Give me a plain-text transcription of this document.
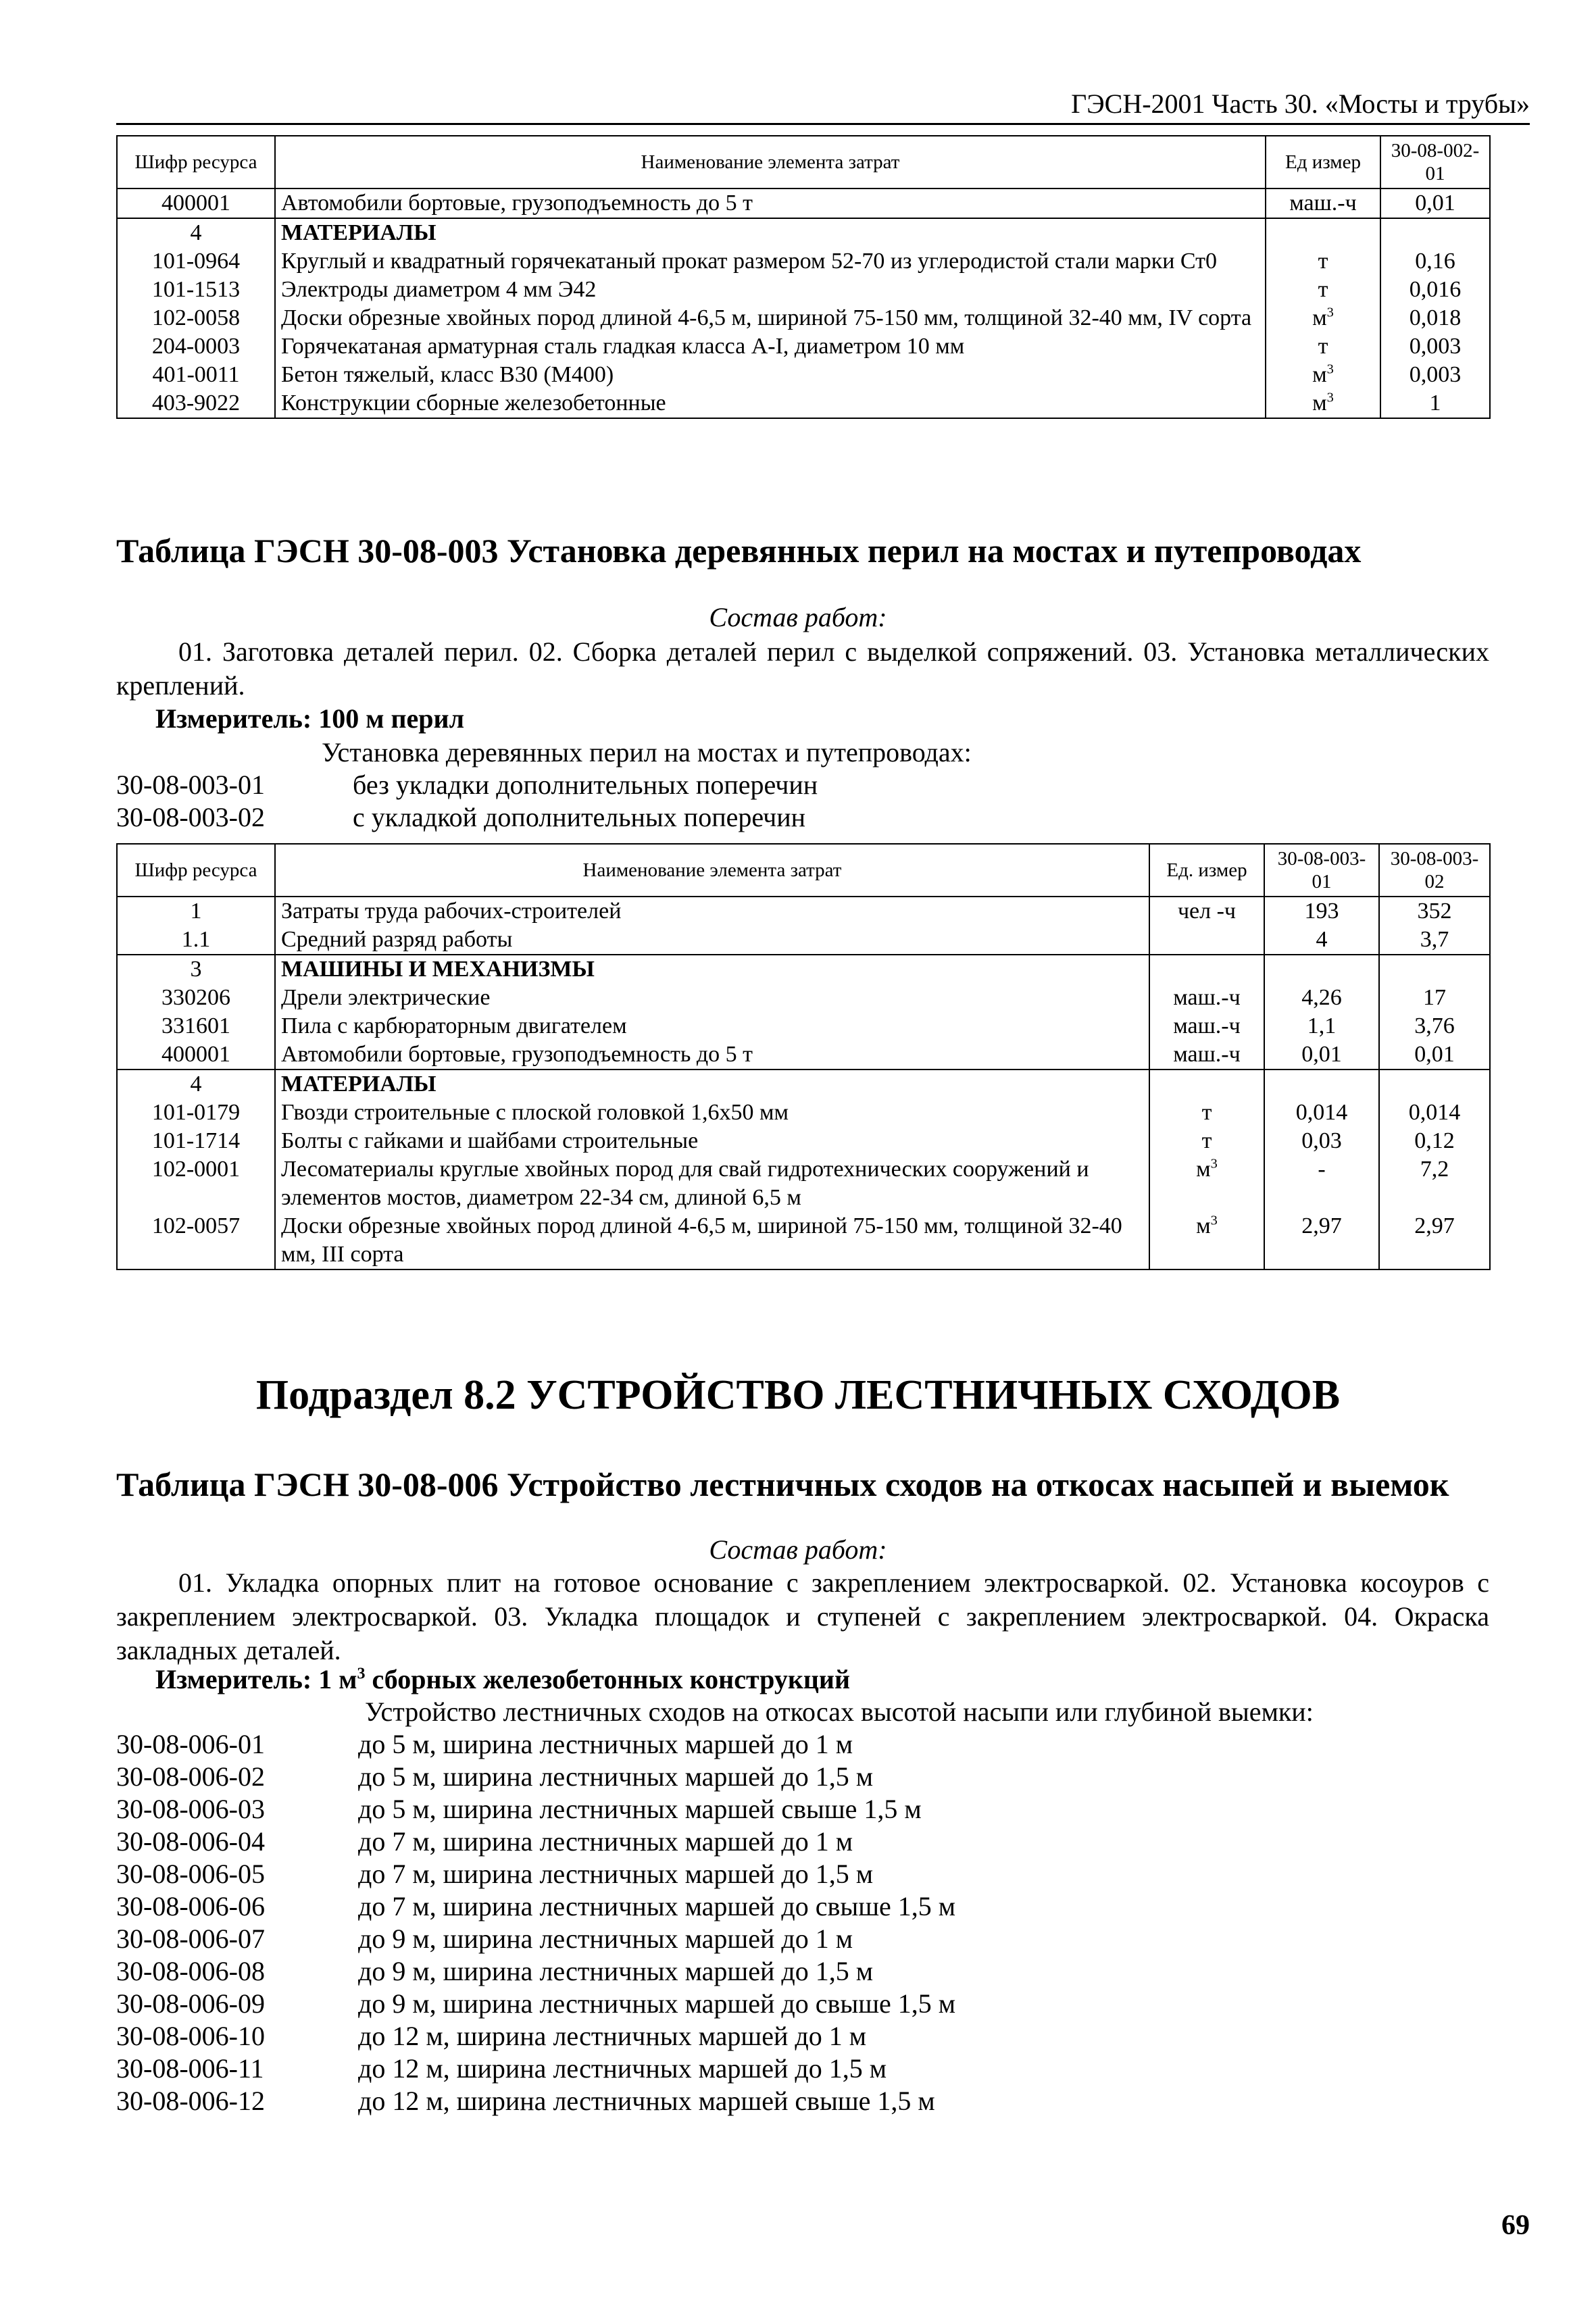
ГЭСН-2001 Часть 30. «Мосты и трубы»
Шифр ресурса	Наименование элемента затрат	Ед измер	30-08-002-01
400001	Автомобили бортовые, грузоподъемность до 5 т	маш.-ч	0,01
4	МАТЕРИАЛЫ		
101-0964	Круглый и квадратный горячекатаный прокат размером 52-70 из углеродистой стали марки Ст0	т	0,16
101-1513	Электроды диаметром 4 мм Э42	т	0,016
102-0058	Доски обрезные хвойных пород длиной 4-6,5 м, шириной 75-150 мм, толщиной 32-40 мм, IV сорта	$м^3$	0,018
204-0003	Горячекатаная арматурная сталь гладкая класса А-I, диаметром 10 мм	т	0,003
401-0011	Бетон тяжелый, класс В30 (М400)	$м^3$	0,003
403-9022	Конструкции сборные железобетонные	$м^3$	1
Таблица ГЭСН 30-08-003 Установка деревянных перил на мостах и путепроводах
Состав работ:
01. Заготовка деталей перил. 02. Сборка деталей перил с выделкой сопряжений. 03. Установка металлических креплений.
Измеритель: 100 м перил
Установка деревянных перил на мостах и путепроводах:
30-08-003-01	без укладки дополнительных поперечин
30-08-003-02	с укладкой дополнительных поперечин
Шифр ресурса	Наименование элемента затрат	Ед. измер	30-08-003-01	30-08-003-02
1	Затраты труда рабочих-строителей	чел -ч	193	352
1.1	Средний разряд работы		4	3,7
3	МАШИНЫ И МЕХАНИЗМЫ			
330206	Дрели электрические	маш.-ч	4,26	17
331601	Пила с карбюраторным двигателем	маш.-ч	1,1	3,76
400001	Автомобили бортовые, грузоподъемность до 5 т	маш.-ч	0,01	0,01
4	МАТЕРИАЛЫ			
101-0179	Гвозди строительные с плоской головкой 1,6х50 мм	т	0,014	0,014
101-1714	Болты с гайками и шайбами строительные	т	0,03	0,12
102-0001	Лесоматериалы круглые хвойных пород для свай гидротехнических сооружений и элементов мостов, диаметром 22-34 см, длиной 6,5 м	$м^3$	-	7,2
102-0057	Доски обрезные хвойных пород длиной 4-6,5 м, шириной 75-150 мм, толщиной 32-40 мм, III сорта	$м^3$	2,97	2,97
Подраздел 8.2 УСТРОЙСТВО ЛЕСТНИЧНЫХ СХОДОВ
Таблица ГЭСН 30-08-006 Устройство лестничных сходов на откосах насыпей и выемок
Состав работ:
01. Укладка опорных плит на готовое основание с закреплением электросваркой. 02. Установка косоуров с закреплением электросваркой. 03. Укладка площадок и ступеней с закреплением электросваркой. 04. Окраска закладных деталей.
Измеритель: 1 $м^3$ сборных железобетонных конструкций
Устройство лестничных сходов на откосах высотой насыпи или глубиной выемки:
30-08-006-01	до 5 м, ширина лестничных маршей до 1 м
30-08-006-02	до 5 м, ширина лестничных маршей до 1,5 м
30-08-006-03	до 5 м, ширина лестничных маршей свыше 1,5 м
30-08-006-04	до 7 м, ширина лестничных маршей до 1 м
30-08-006-05	до 7 м, ширина лестничных маршей до 1,5 м
30-08-006-06	до 7 м, ширина лестничных маршей до свыше 1,5 м
30-08-006-07	до 9 м, ширина лестничных маршей до 1 м
30-08-006-08	до 9 м, ширина лестничных маршей до 1,5 м
30-08-006-09	до 9 м, ширина лестничных маршей до свыше 1,5 м
30-08-006-10	до 12 м, ширина лестничных маршей до 1 м
30-08-006-11	до 12 м, ширина лестничных маршей до 1,5 м
30-08-006-12	до 12 м, ширина лестничных маршей свыше 1,5 м
69
